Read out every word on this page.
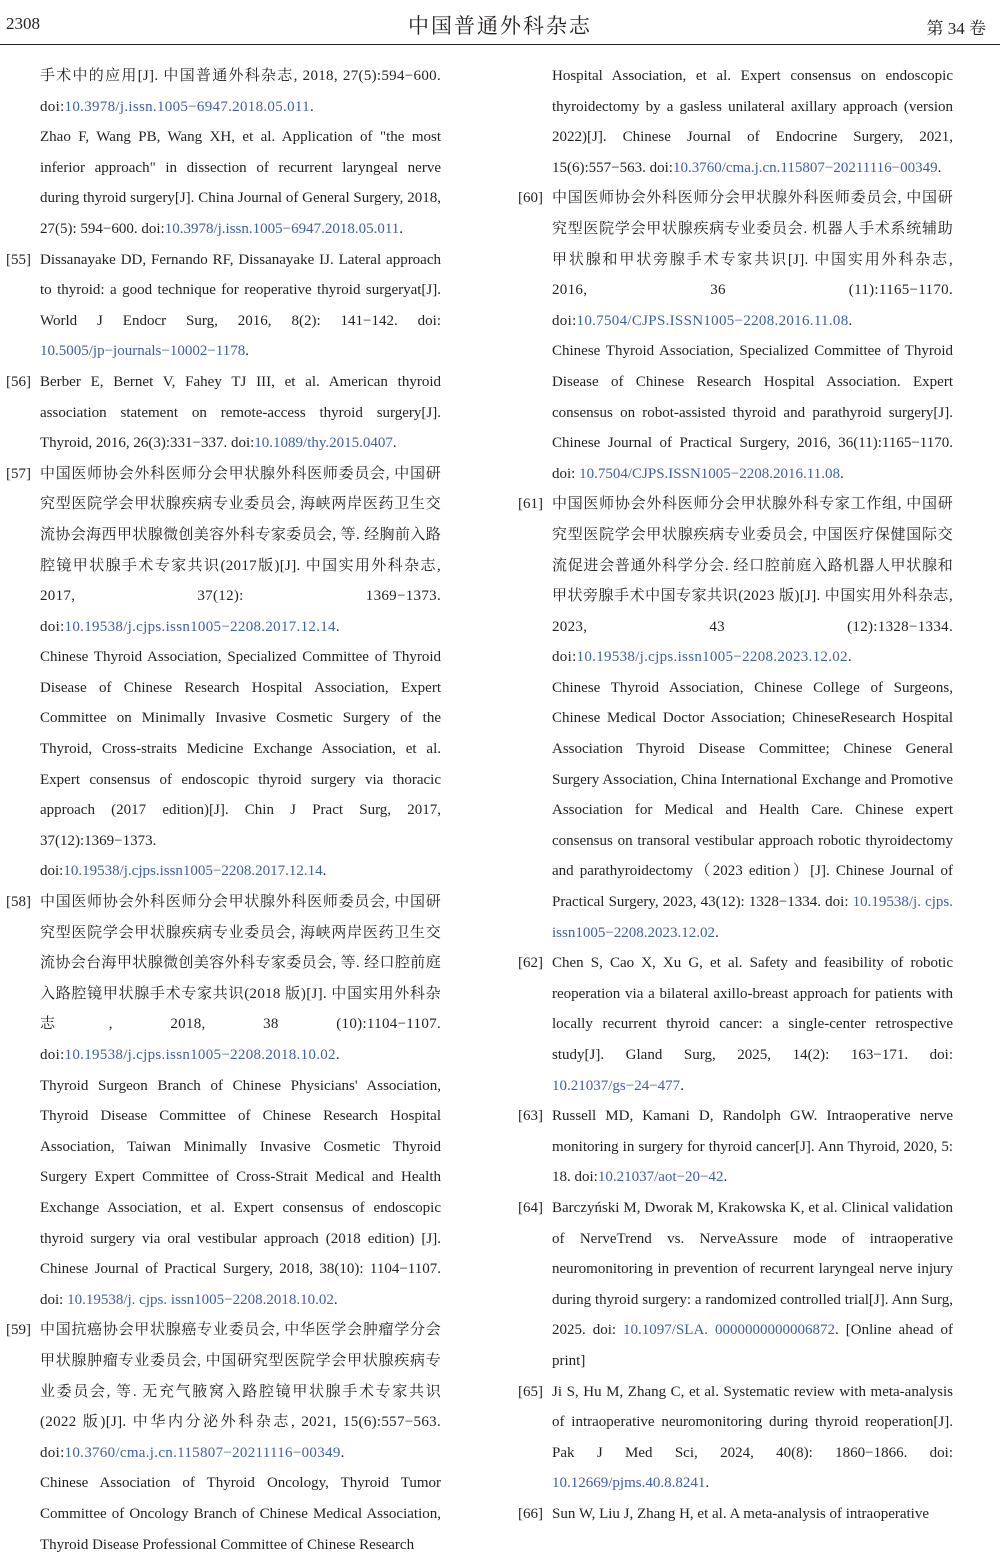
2308	中国普通外科杂志	第 34 卷
手术中的应用[J]. 中国普通外科杂志, 2018, 27(5):594−600. doi:10.3978/j.issn.1005−6947.2018.05.011.
Zhao F, Wang PB, Wang XH, et al. Application of "the most inferior approach" in dissection of recurrent laryngeal nerve during thyroid surgery[J]. China Journal of General Surgery, 2018, 27(5): 594−600. doi:10.3978/j.issn.1005−6947.2018.05.011.
[55] Dissanayake DD, Fernando RF, Dissanayake IJ. Lateral approach to thyroid: a good technique for reoperative thyroid surgeryat[J]. World J Endocr Surg, 2016, 8(2): 141−142. doi: 10.5005/jp−journals−10002−1178.
[56] Berber E, Bernet V, Fahey TJ III, et al. American thyroid association statement on remote-access thyroid surgery[J]. Thyroid, 2016, 26(3):331−337. doi:10.1089/thy.2015.0407.
[57] 中国医师协会外科医师分会甲状腺外科医师委员会, 中国研究型医院学会甲状腺疾病专业委员会, 海峡两岸医药卫生交流协会海西甲状腺微创美容外科专家委员会, 等. 经胸前入路腔镜甲状腺手术专家共识(2017版)[J]. 中国实用外科杂志, 2017, 37(12): 1369−1373. doi:10.19538/j.cjps.issn1005−2208.2017.12.14.
Chinese Thyroid Association, Specialized Committee of Thyroid Disease of Chinese Research Hospital Association, Expert Committee on Minimally Invasive Cosmetic Surgery of the Thyroid, Cross-straits Medicine Exchange Association, et al. Expert consensus of endoscopic thyroid surgery via thoracic approach (2017 edition)[J]. Chin J Pract Surg, 2017, 37(12):1369−1373. doi:10.19538/j.cjps.issn1005−2208.2017.12.14.
[58] 中国医师协会外科医师分会甲状腺外科医师委员会, 中国研究型医院学会甲状腺疾病专业委员会, 海峡两岸医药卫生交流协会台海甲状腺微创美容外科专家委员会, 等. 经口腔前庭入路腔镜甲状腺手术专家共识(2018 版)[J]. 中国实用外科杂志, 2018, 38 (10):1104−1107. doi:10.19538/j.cjps.issn1005−2208.2018.10.02.
Thyroid Surgeon Branch of Chinese Physicians' Association, Thyroid Disease Committee of Chinese Research Hospital Association, Taiwan Minimally Invasive Cosmetic Thyroid Surgery Expert Committee of Cross-Strait Medical and Health Exchange Association, et al. Expert consensus of endoscopic thyroid surgery via oral vestibular approach (2018 edition) [J]. Chinese Journal of Practical Surgery, 2018, 38(10): 1104−1107. doi: 10.19538/j. cjps. issn1005−2208.2018.10.02.
[59] 中国抗癌协会甲状腺癌专业委员会, 中华医学会肿瘤学分会甲状腺肿瘤专业委员会, 中国研究型医院学会甲状腺疾病专业委员会, 等. 无充气腋窝入路腔镜甲状腺手术专家共识(2022 版)[J]. 中华内分泌外科杂志, 2021, 15(6):557−563. doi:10.3760/cma.j.cn.115807−20211116−00349.
Chinese Association of Thyroid Oncology, Thyroid Tumor Committee of Oncology Branch of Chinese Medical Association, Thyroid Disease Professional Committee of Chinese Research
Hospital Association, et al. Expert consensus on endoscopic thyroidectomy by a gasless unilateral axillary approach (version 2022)[J]. Chinese Journal of Endocrine Surgery, 2021, 15(6):557−563. doi:10.3760/cma.j.cn.115807−20211116−00349.
[60] 中国医师协会外科医师分会甲状腺外科医师委员会, 中国研究型医院学会甲状腺疾病专业委员会. 机器人手术系统辅助甲状腺和甲状旁腺手术专家共识[J]. 中国实用外科杂志, 2016, 36 (11):1165−1170. doi:10.7504/CJPS.ISSN1005−2208.2016.11.08.
Chinese Thyroid Association, Specialized Committee of Thyroid Disease of Chinese Research Hospital Association. Expert consensus on robot-assisted thyroid and parathyroid surgery[J]. Chinese Journal of Practical Surgery, 2016, 36(11):1165−1170. doi: 10.7504/CJPS.ISSN1005−2208.2016.11.08.
[61] 中国医师协会外科医师分会甲状腺外科专家工作组, 中国研究型医院学会甲状腺疾病专业委员会, 中国医疗保健国际交流促进会普通外科学分会. 经口腔前庭入路机器人甲状腺和甲状旁腺手术中国专家共识(2023 版)[J]. 中国实用外科杂志, 2023, 43 (12):1328−1334. doi:10.19538/j.cjps.issn1005−2208.2023.12.02.
Chinese Thyroid Association, Chinese College of Surgeons, Chinese Medical Doctor Association; ChineseResearch Hospital Association Thyroid Disease Committee; Chinese General Surgery Association, China International Exchange and Promotive Association for Medical and Health Care. Chinese expert consensus on transoral vestibular approach robotic thyroidectomy and parathyroidectomy（2023 edition）[J]. Chinese Journal of Practical Surgery, 2023, 43(12): 1328−1334. doi: 10.19538/j. cjps. issn1005−2208.2023.12.02.
[62] Chen S, Cao X, Xu G, et al. Safety and feasibility of robotic reoperation via a bilateral axillo-breast approach for patients with locally recurrent thyroid cancer: a single-center retrospective study[J]. Gland Surg, 2025, 14(2): 163−171. doi: 10.21037/gs−24−477.
[63] Russell MD, Kamani D, Randolph GW. Intraoperative nerve monitoring in surgery for thyroid cancer[J]. Ann Thyroid, 2020, 5: 18. doi:10.21037/aot−20−42.
[64] Barczyński M, Dworak M, Krakowska K, et al. Clinical validation of NerveTrend vs. NerveAssure mode of intraoperative neuromonitoring in prevention of recurrent laryngeal nerve injury during thyroid surgery: a randomized controlled trial[J]. Ann Surg, 2025. doi: 10.1097/SLA. 0000000000006872. [Online ahead of print]
[65] Ji S, Hu M, Zhang C, et al. Systematic review with meta-analysis of intraoperative neuromonitoring during thyroid reoperation[J]. Pak J Med Sci, 2024, 40(8): 1860−1866. doi: 10.12669/pjms.40.8.8241.
[66] Sun W, Liu J, Zhang H, et al. A meta-analysis of intraoperative
